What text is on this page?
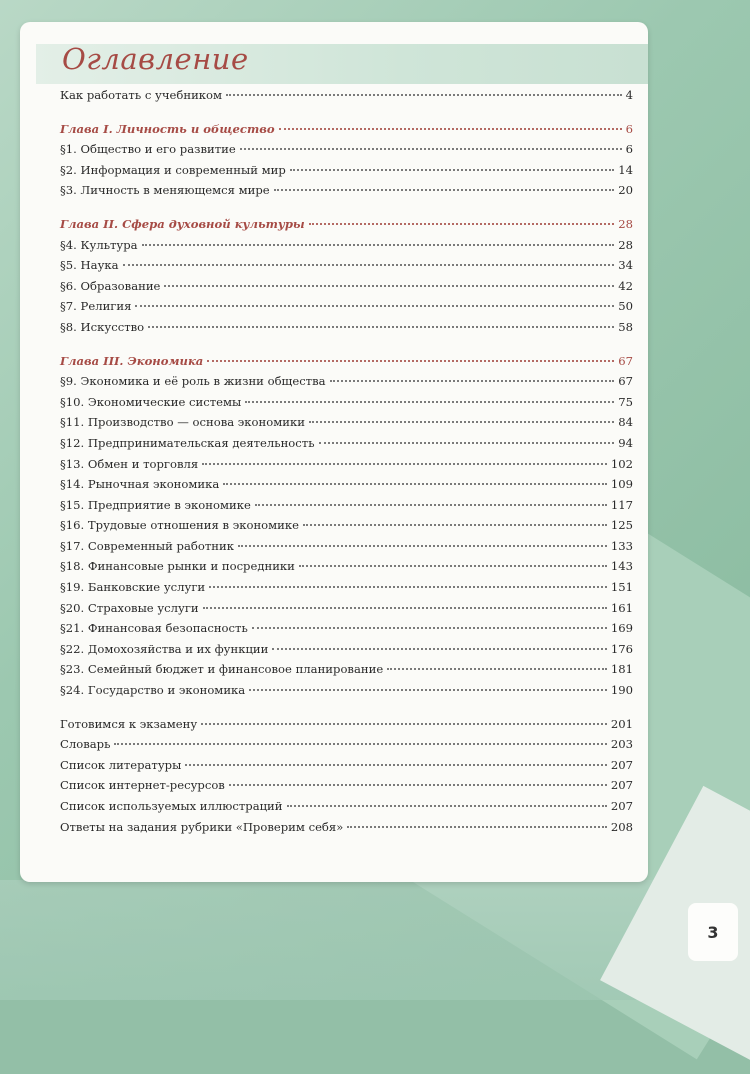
Оглавление
Как работать с учебником	4
Глава I. Личность и общество	6
§1. Общество и его развитие	6
§2. Информация и современный мир	14
§3. Личность в меняющемся мире	20
Глава II. Сфера духовной культуры	28
§4. Культура	28
§5. Наука	34
§6. Образование	42
§7. Религия	50
§8. Искусство	58
Глава III. Экономика	67
§9. Экономика и её роль в жизни общества	67
§10. Экономические системы	75
§11. Производство — основа экономики	84
§12. Предпринимательская деятельность	94
§13. Обмен и торговля	102
§14. Рыночная экономика	109
§15. Предприятие в экономике	117
§16. Трудовые отношения в экономике	125
§17. Современный работник	133
§18. Финансовые рынки и посредники	143
§19. Банковские услуги	151
§20. Страховые услуги	161
§21. Финансовая безопасность	169
§22. Домохозяйства и их функции	176
§23. Семейный бюджет и финансовое планирование	181
§24. Государство и экономика	190
Готовимся к экзамену	201
Словарь	203
Список литературы	207
Список интернет-ресурсов	207
Список используемых иллюстраций	207
Ответы на задания рубрики «Проверим себя»	208
3
